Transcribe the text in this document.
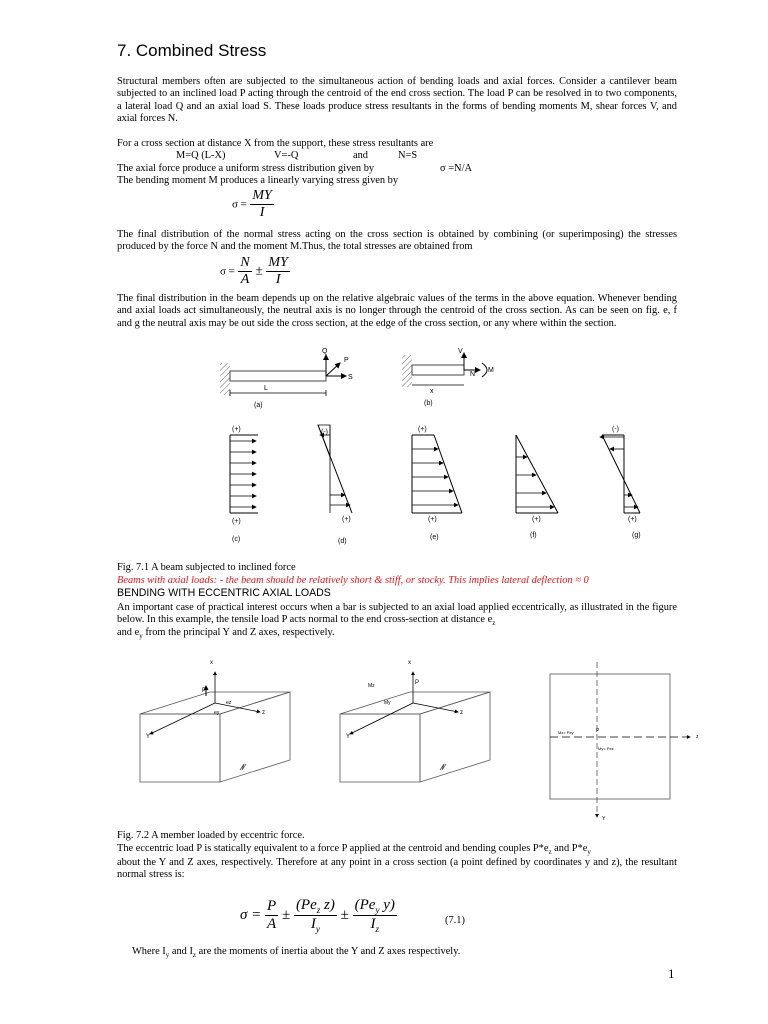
7. Combined Stress
Structural members often are subjected to the simultaneous action of bending loads and axial forces. Consider a cantilever beam subjected to an inclined load P acting through the centroid of the end cross section. The load P can be resolved in to two components, a lateral load Q and an axial load S. These loads produce stress resultants in the forms of bending moments M, shear forces V, and axial forces N.
For a cross section at distance X from the support, these stress resultants are
M=Q (L-X)	V=-Q	and	N=S
The axial force produce a uniform stress distribution given by	σ =N/A
The bending moment M produces a linearly varying stress given by
$\sigma = \frac{MY}{I}$
The final distribution of the normal stress acting on the cross section is obtained by combining (or superimposing) the stresses produced by the force N and the moment M.Thus, the total stresses are obtained from
$\sigma = \frac{N}{A} \pm \frac{MY}{I}$
The final distribution in the beam depends up on the relative algebraic values of the terms in the above equation. Whenever bending and axial loads act simultaneously, the neutral axis is no longer through the centroid of the cross section. As can be seen on fig. e, f and g the neutral axis may be out side the cross section, at the edge of the cross section, or any where within the section.
Q
P
S
L
(a)
V
N
M
x
(b)
(+)
(+)
(c)
(-)
(+)
(d)
(+)
(+)
(e)
(+)
(f)
(-)
(+)
(g)
Fig. 7.1 A beam subjected to inclined force
Beams with axial loads: - the beam should be relatively short & stiff, or stocky. This implies lateral deflection ≈ 0
BENDING WITH ECCENTRIC AXIAL LOADS
An important case of practical interest occurs when a bar is subjected to an axial load applied eccentrically, as illustrated in the figure below. In this example, the tensile load P acts normal to the end cross-section at distance $e_z$
and $e_y$ from the principal Y and Z axes, respectively.
x
P
z
Y
ez
ey
x
P
z
Y
Mz
My
z
Y
P
Mz= Pey
My= Pez
Fig. 7.2 A member loaded by eccentric force.
The eccentric load P is statically equivalent to a force P applied at the centroid and bending couples $P*e_z$ and $P*e_y$
about the Y and Z axes, respectively. Therefore at any point in a cross section (a point defined by coordinates y and z), the resultant normal stress is:
$\sigma = \frac{P}{A} \pm \frac{(Pe_z z)}{I_y} \pm \frac{(Pe_y y)}{I_z}$	(7.1)
Where $I_y$ and $I_z$ are the moments of inertia about the Y and Z axes respectively.
1
